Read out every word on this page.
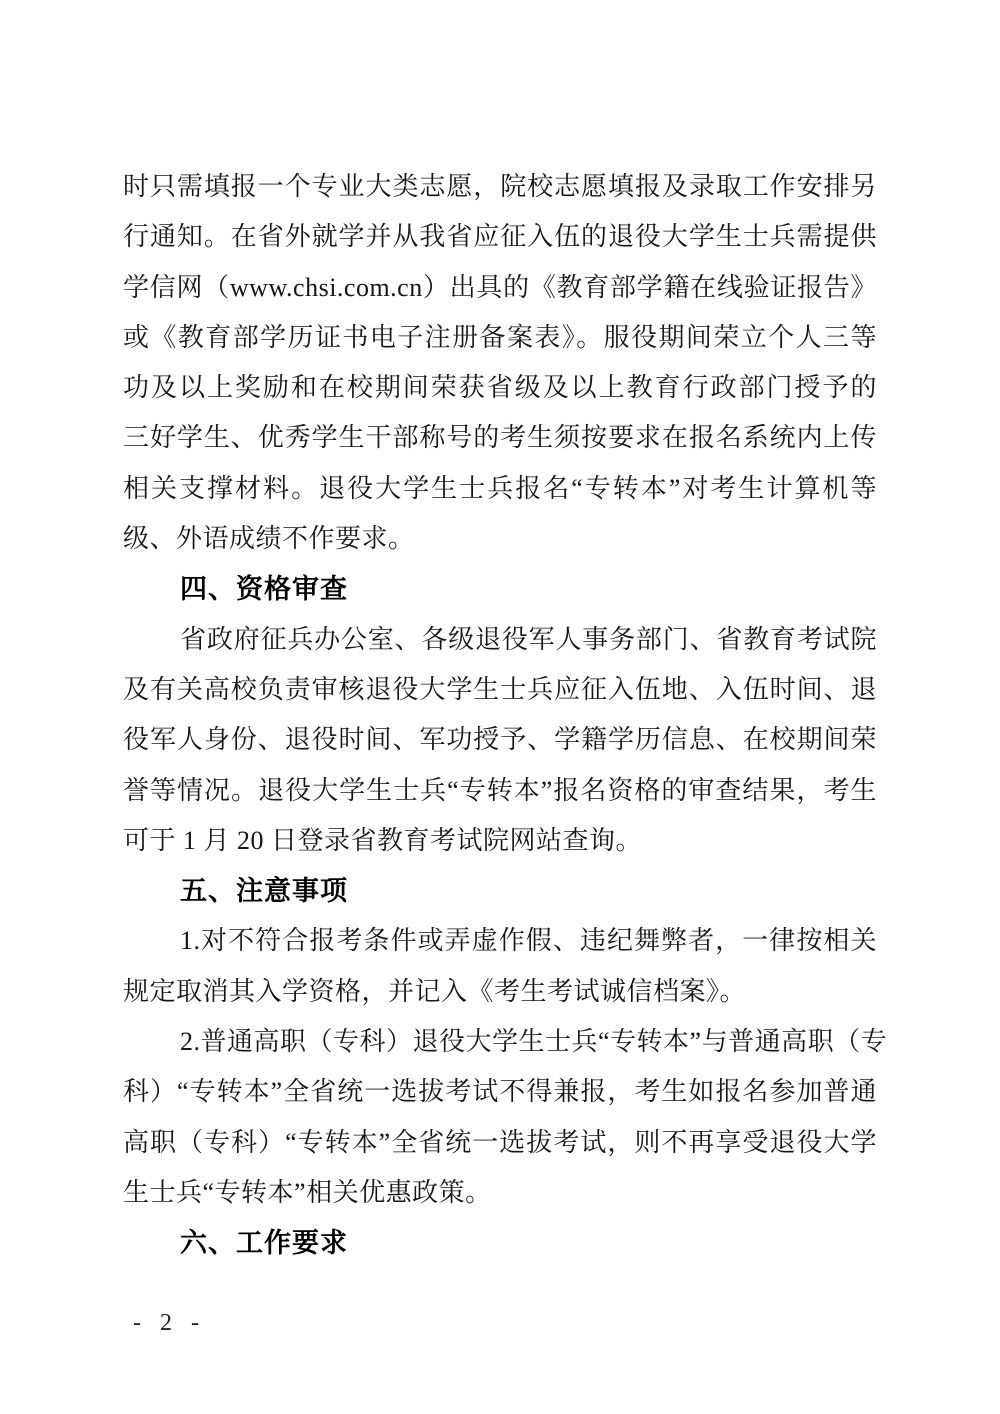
时只需填报一个专业大类志愿，院校志愿填报及录取工作安排另
行通知。在省外就学并从我省应征入伍的退役大学生士兵需提供
学信网（www.chsi.com.cn）出具的《教育部学籍在线验证报告》
或《教育部学历证书电子注册备案表》。服役期间荣立个人三等
功及以上奖励和在校期间荣获省级及以上教育行政部门授予的
三好学生、优秀学生干部称号的考生须按要求在报名系统内上传
相关支撑材料。退役大学生士兵报名“专转本”对考生计算机等
级、外语成绩不作要求。
四、资格审查
省政府征兵办公室、各级退役军人事务部门、省教育考试院
及有关高校负责审核退役大学生士兵应征入伍地、入伍时间、退
役军人身份、退役时间、军功授予、学籍学历信息、在校期间荣
誉等情况。退役大学生士兵“专转本”报名资格的审查结果，考生
可于 1 月 20 日登录省教育考试院网站查询。
五、注意事项
1.对不符合报考条件或弄虚作假、违纪舞弊者，一律按相关
规定取消其入学资格，并记入《考生考试诚信档案》。
2.普通高职（专科）退役大学生士兵“专转本”与普通高职（专
科）“专转本”全省统一选拔考试不得兼报，考生如报名参加普通
高职（专科）“专转本”全省统一选拔考试，则不再享受退役大学
生士兵“专转本”相关优惠政策。
六、工作要求
- 2 -
